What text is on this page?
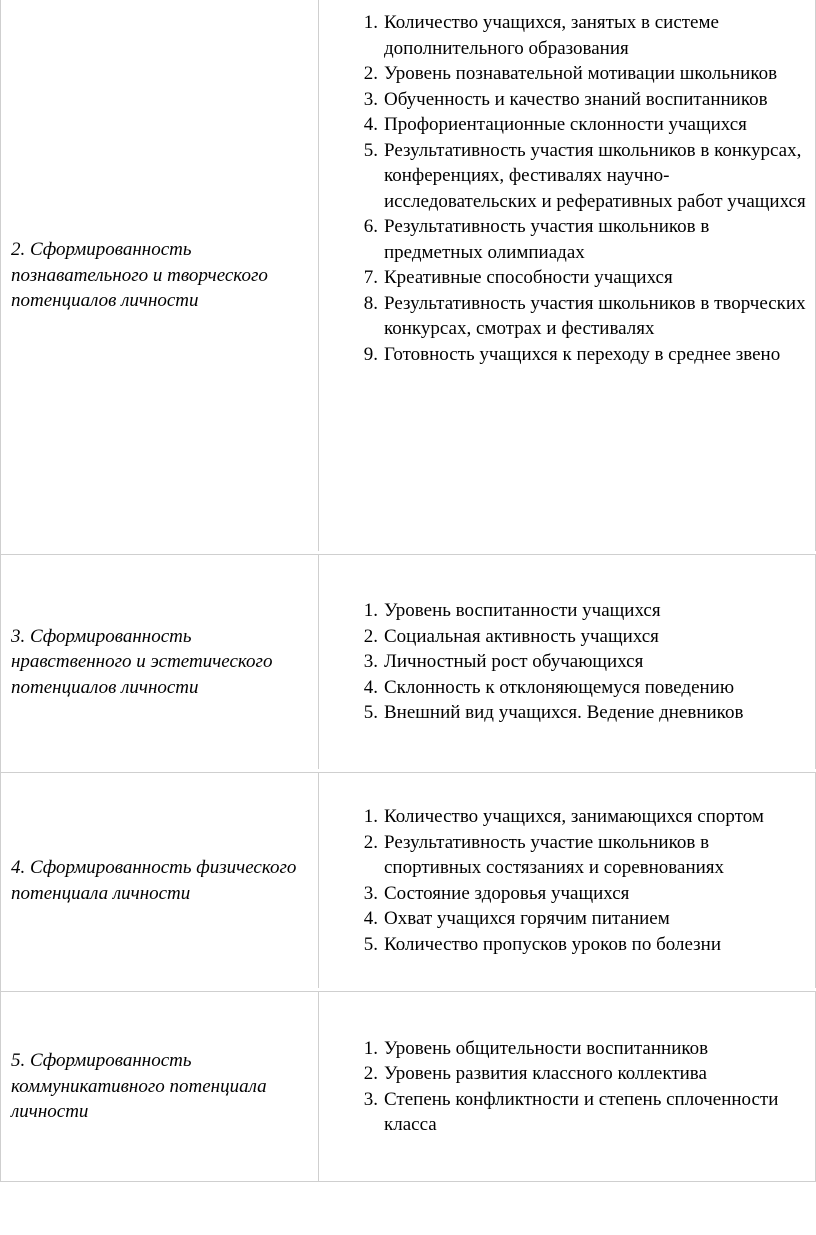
2. Сформированность познавательного и творческого потенциалов личности
1. Количество учащихся, занятых в системе дополнительного образования
2. Уровень познавательной мотивации школьников
3. Обученность и качество знаний воспитанников
4. Профориентационные склонности учащихся
5. Результативность участия школьников в конкурсах, конференциях, фестивалях научно-исследовательских и реферативных работ учащихся
6. Результативность участия школьников в предметных олимпиадах
7. Креативные способности учащихся
8. Результативность участия школьников в творческих конкурсах, смотрах и фестивалях
9. Готовность учащихся к переходу в среднее звено
3. Сформированность нравственного и эстетического потенциалов личности
1. Уровень воспитанности учащихся
2. Социальная активность учащихся
3. Личностный рост обучающихся
4. Склонность к отклоняющемуся поведению
5. Внешний вид учащихся. Ведение дневников
4. Сформированность физического потенциала личности
1. Количество учащихся, занимающихся спортом
2. Результативность участие школьников в спортивных состязаниях и соревнованиях
3. Состояние здоровья учащихся
4. Охват учащихся горячим питанием
5. Количество пропусков уроков по болезни
5. Сформированность коммуникативного потенциала личности
1. Уровень общительности воспитанников
2. Уровень развития классного коллектива
3. Степень конфликтности и степень сплоченности класса
